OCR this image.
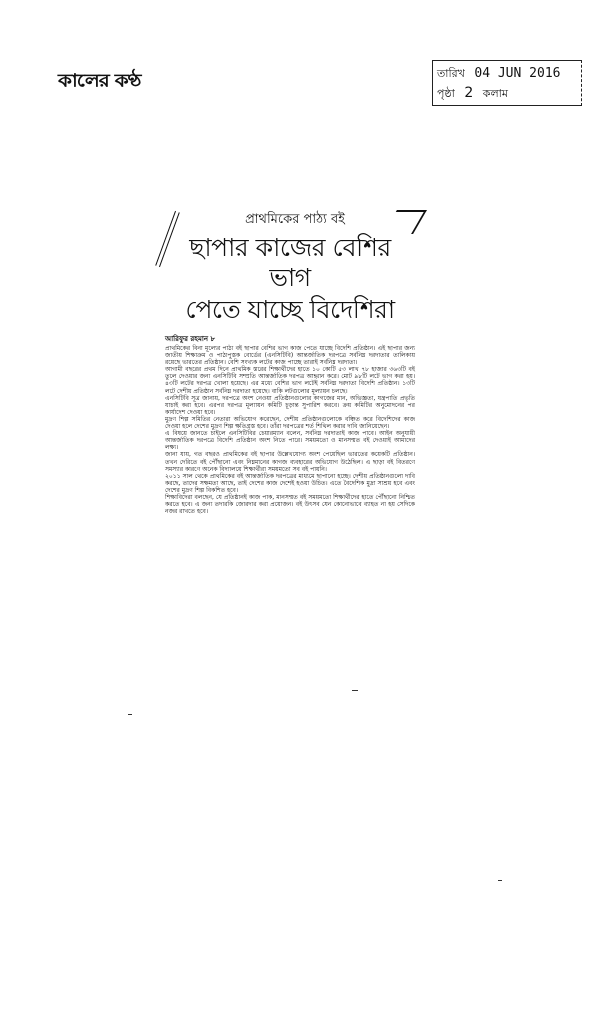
কালের কণ্ঠ	তারিখ 04 JUN 2016
পৃষ্ঠা 2 কলাম
প্রাথমিকের পাঠ্য বই
ছাপার কাজের বেশির ভাগ
পেতে যাচ্ছে বিদেশিরা
আরিফুর রহমান ৮

প্রাথমিকের বিনা মূল্যের পাঠ্য বই ছাপার বেশির ভাগ কাজ পেতে যাচ্ছে বিদেশি প্রতিষ্ঠান। এই ছাপার জন্য জাতীয় শিক্ষাক্রম ও পাঠ্যপুস্তক বোর্ডের (এনসিটিবি) আন্তর্জাতিক দরপত্রে সর্বনিম্ন দরদাতার তালিকায় রয়েছে ভারতের প্রতিষ্ঠান। বেশি সংখ্যক লটের কাজ পাচ্ছে তারাই সর্বনিম্ন দরদাতা।

আগামী বছরের প্রথম দিনে প্রাথমিক স্তরের শিক্ষার্থীদের হাতে ১০ কোটি ৫৩ লাখ ৭৮ হাজার ৩৬৩টি বই তুলে দেওয়ার জন্য এনসিটিবি সম্প্রতি আন্তর্জাতিক দরপত্র আহ্বান করে। মোট ৯৮টি লটে ভাগ করা হয়। ৪৩টি লটের দরপত্র খোলা হয়েছে। এর মধ্যে বেশির ভাগ লটেই সর্বনিম্ন দরদাতা বিদেশি প্রতিষ্ঠান। ১৩টি লটে দেশীয় প্রতিষ্ঠান সর্বনিম্ন দরদাতা হয়েছে। বাকি লটগুলোর মূল্যায়ন চলছে।

এনসিটিবি সূত্র জানায়, দরপত্রে অংশ নেওয়া প্রতিষ্ঠানগুলোর কাগজের মান, অভিজ্ঞতা, যন্ত্রপাতি প্রভৃতি যাচাই করা হবে। এরপর দরপত্র মূল্যায়ন কমিটি চূড়ান্ত সুপারিশ করবে। ক্রয় কমিটির অনুমোদনের পর কার্যাদেশ দেওয়া হবে।

মুদ্রণ শিল্প সমিতির নেতারা অভিযোগ করেছেন, দেশীয় প্রতিষ্ঠানগুলোকে বঞ্চিত করে বিদেশিদের কাজ দেওয়া হলে দেশের মুদ্রণ শিল্প ক্ষতিগ্রস্ত হবে। তাঁরা দরপত্রের শর্ত শিথিল করার দাবি জানিয়েছেন।

এ বিষয়ে জানতে চাইলে এনসিটিবির চেয়ারম্যান বলেন, সর্বনিম্ন দরদাতাই কাজ পাবে। আইন অনুযায়ী আন্তর্জাতিক দরপত্রে বিদেশি প্রতিষ্ঠান অংশ নিতে পারে। সময়মতো ও মানসম্মত বই দেওয়াই আমাদের লক্ষ্য।

জানা যায়, গত বছরও প্রাথমিকের বই ছাপার উল্লেখযোগ্য অংশ পেয়েছিল ভারতের কয়েকটি প্রতিষ্ঠান। তখন দেরিতে বই পৌঁছানো এবং নিম্নমানের কাগজ ব্যবহারের অভিযোগ উঠেছিল। এ ছাড়া বই বিতরণে সমস্যার কারণে অনেক বিদ্যালয়ে শিক্ষার্থীরা সময়মতো সব বই পায়নি।

২০১১ সাল থেকে প্রাথমিকের বই আন্তর্জাতিক দরপত্রের মাধ্যমে ছাপানো হচ্ছে। দেশীয় প্রতিষ্ঠানগুলো দাবি করছে, তাদের সক্ষমতা আছে, তাই দেশের কাজ দেশেই হওয়া উচিত। এতে বৈদেশিক মুদ্রা সাশ্রয় হবে এবং দেশের মুদ্রণ শিল্প বিকশিত হবে।

শিক্ষাবিদেরা বলছেন, যে প্রতিষ্ঠানই কাজ পাক, মানসম্মত বই সময়মতো শিক্ষার্থীদের হাতে পৌঁছানো নিশ্চিত করতে হবে। এ জন্য তদারকি জোরদার করা প্রয়োজন। বই উৎসব যেন কোনোভাবে ব্যাহত না হয় সেদিকে নজর রাখতে হবে।
